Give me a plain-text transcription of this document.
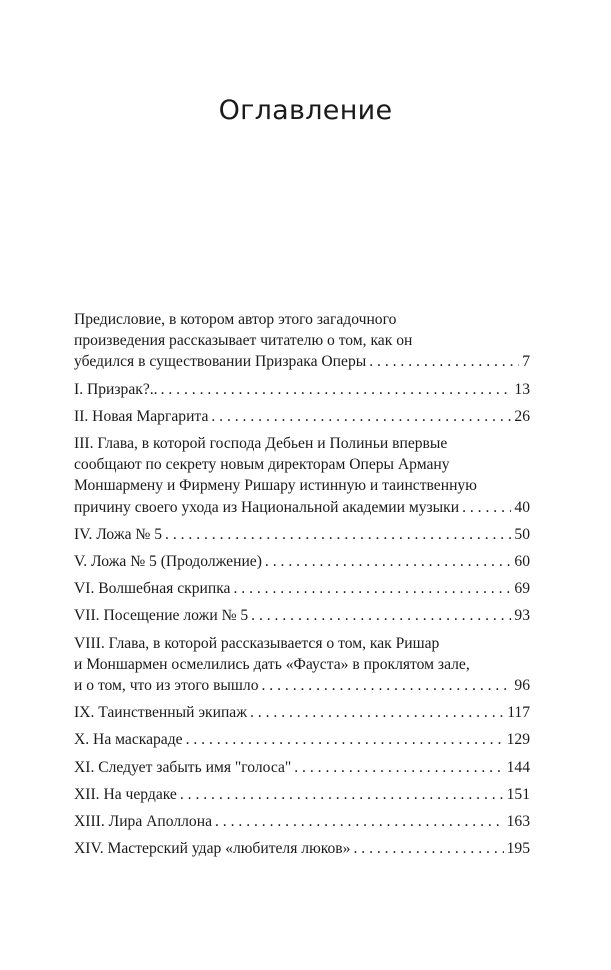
Оглавление
Предисловие, в котором автор этого загадочного
произведения рассказывает читателю о том, как он
убедился в существовании Призрака Оперы . . .	7
I. Призрак?.. . . .	13
II. Новая Маргарита . . .	26
III. Глава, в которой господа Дебьен и Полиньи впервые
сообщают по секрету новым директорам Оперы Арману
Моншармену и Фирмену Ришару истинную и таинственную
причину своего ухода из Национальной академии музыки . . .	40
IV. Ложа № 5 . . .	50
V. Ложа № 5 (Продолжение) . . .	60
VI. Волшебная скрипка . . .	69
VII. Посещение ложи № 5 . . .	93
VIII. Глава, в которой рассказывается о том, как Ришар
и Моншармен осмелились дать «Фауста» в проклятом зале,
и о том, что из этого вышло . . .	96
IX. Таинственный экипаж . . .	117
X. На маскараде . . .	129
XI. Следует забыть имя "голоса" . . .	144
XII. На чердаке . . .	151
XIII. Лира Аполлона . . .	163
XIV. Мастерский удар «любителя люков» . . .	195
